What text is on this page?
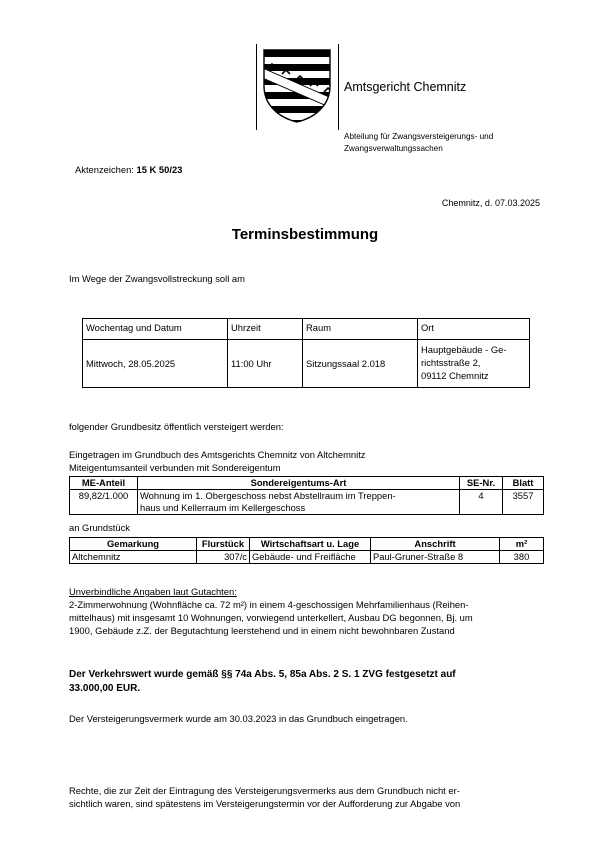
Amtsgericht Chemnitz
Abteilung für Zwangsversteigerungs- und
Zwangsverwaltungssachen
Aktenzeichen: 15 K 50/23
Chemnitz, d. 07.03.2025
Terminsbestimmung
Im Wege der Zwangsvollstreckung soll am
Wochentag und Datum	Uhrzeit	Raum	Ort
Mittwoch, 28.05.2025	11:00 Uhr	Sitzungssaal 2.018	Hauptgebäude - Ge-
richtsstraße 2,
09112 Chemnitz
folgender Grundbesitz öffentlich versteigert werden:
Eingetragen im Grundbuch des Amtsgerichts Chemnitz von Altchemnitz
Miteigentumsanteil verbunden mit Sondereigentum
ME-Anteil	Sondereigentums-Art	SE-Nr.	Blatt
89,82/1.000	Wohnung im 1. Obergeschoss nebst Abstellraum im Treppen-
haus und Kellerraum im Kellergeschoss	4	3557
an Grundstück
Gemarkung	Flurstück	Wirtschaftsart u. Lage	Anschrift	m²
Altchemnitz	307/c	Gebäude- und Freifläche	Paul-Gruner-Straße 8	380
Unverbindliche Angaben laut Gutachten:
2-Zimmerwohnung (Wohnfläche ca. 72 m²) in einem 4-geschossigen Mehrfamilienhaus (Reihen-
mittelhaus) mit insgesamt 10 Wohnungen, vorwiegend unterkellert, Ausbau DG begonnen, Bj. um
1900, Gebäude z.Z. der Begutachtung leerstehend und in einem nicht bewohnbaren Zustand
Der Verkehrswert wurde gemäß §§ 74a Abs. 5, 85a Abs. 2 S. 1 ZVG festgesetzt auf
33.000,00 EUR.
Der Versteigerungsvermerk wurde am 30.03.2023 in das Grundbuch eingetragen.
Rechte, die zur Zeit der Eintragung des Versteigerungsvermerks aus dem Grundbuch nicht er-
sichtlich waren, sind spätestens im Versteigerungstermin vor der Aufforderung zur Abgabe von
